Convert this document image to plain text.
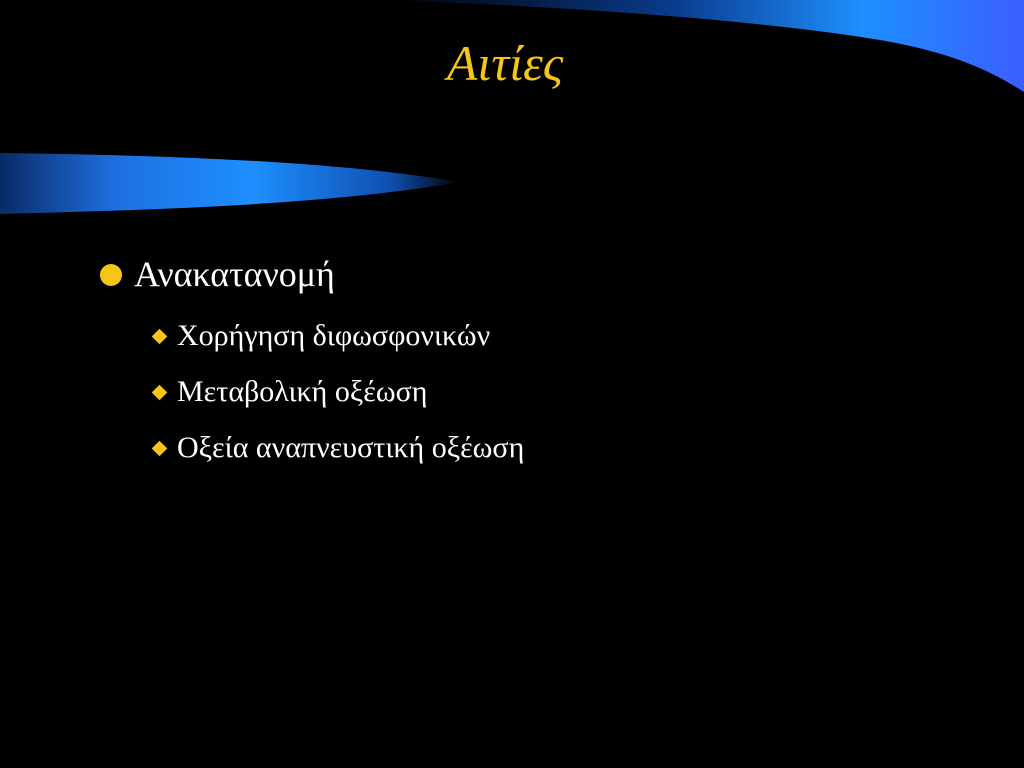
Αιτίες
Ανακατανομή
Χορήγηση διφωσφονικών
Μεταβολική οξέωση
Οξεία αναπνευστική οξέωση
